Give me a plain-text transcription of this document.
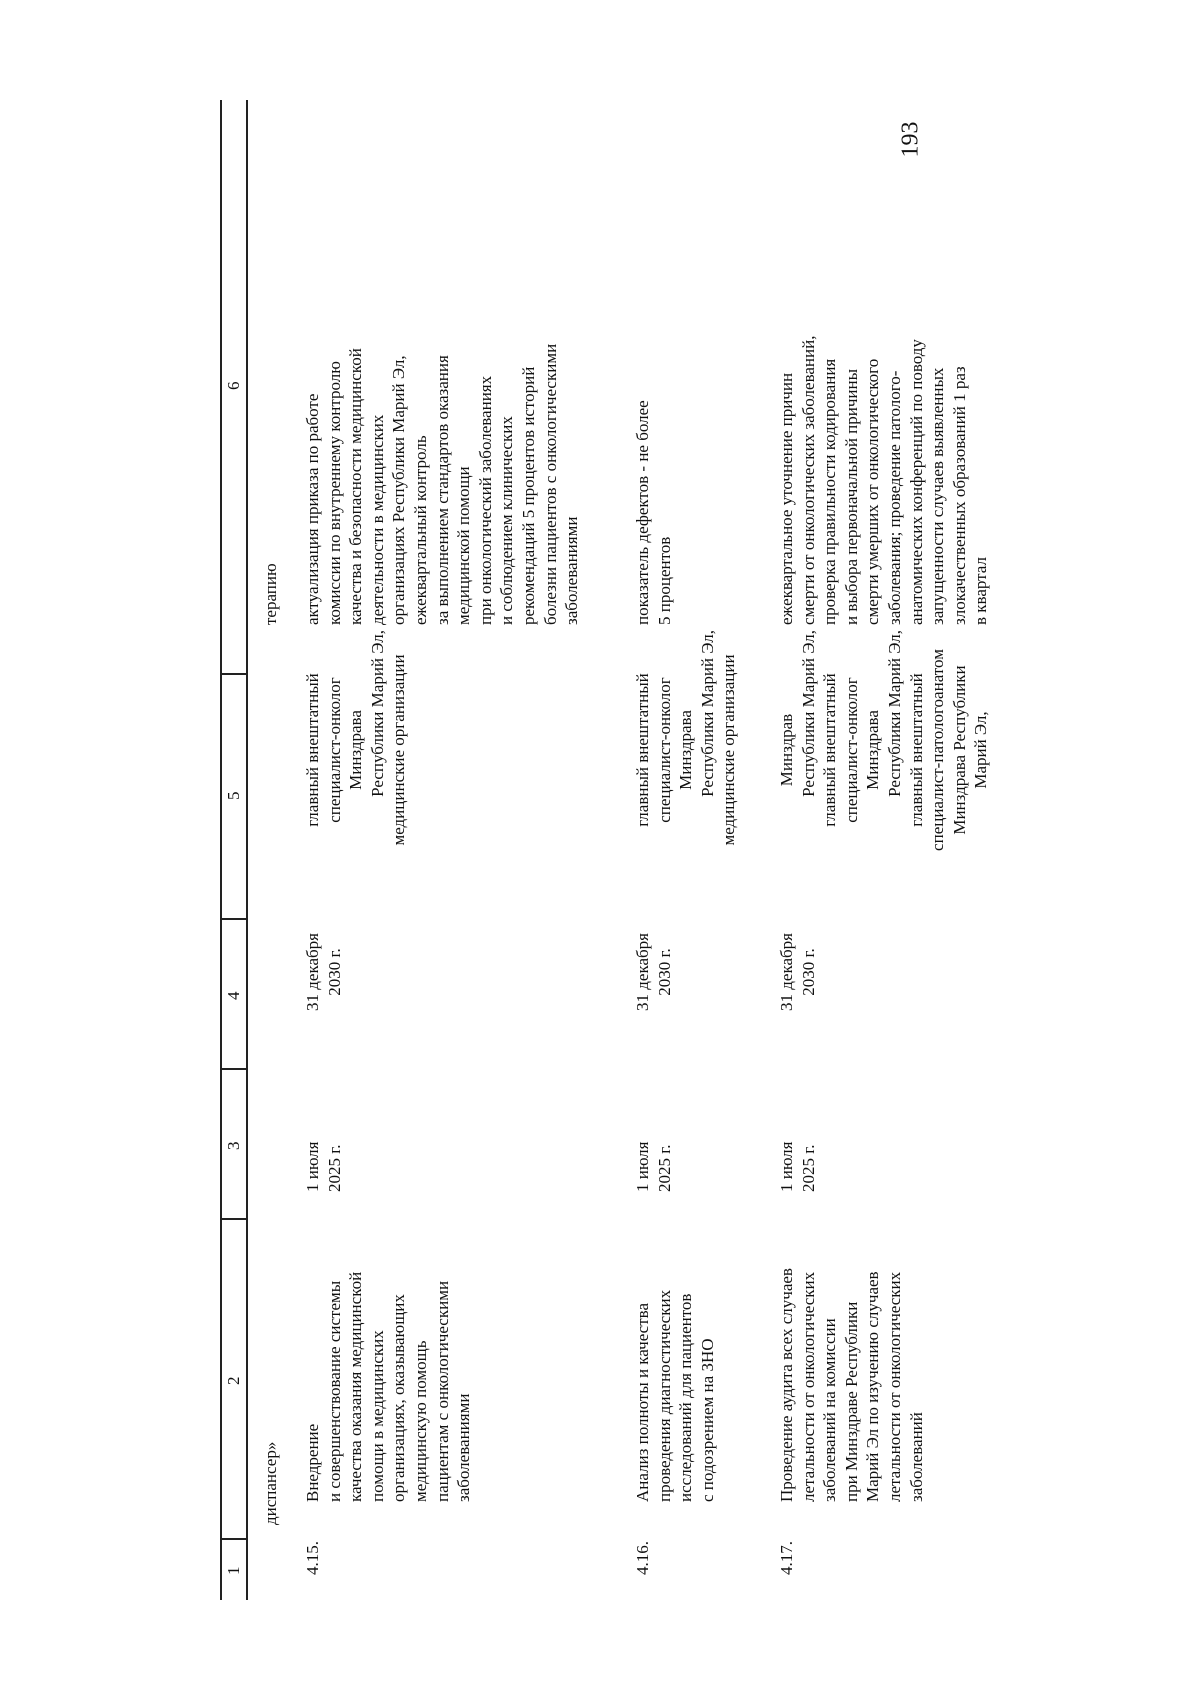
193
1
2
3
4
5
6
диспансер»
терапию
4.15.
Внедрение и совершенствование системы качества оказания медицинской помощи в медицинских организациях, оказывающих медицинскую помощь пациентам с онкологическими заболеваниями
1 июля 2025 г.
31 декабря 2030 г.
главный внештатный специалист-онколог Минздрава Республики Марий Эл, медицинские организации
актуализация приказа по работе комиссии по внутреннему контролю качества и безопасности медицинской деятельности в медицинских организациях Республики Марий Эл, ежеквартальный контроль за выполнением стандартов оказания медицинской помощи при онкологический заболеваниях и соблюдением клинических рекомендаций 5 процентов историй болезни пациентов с онкологическими заболеваниями
4.16.
Анализ полноты и качества проведения диагностических исследований для пациентов с подозрением на ЗНО
1 июля 2025 г.
31 декабря 2030 г.
главный внештатный специалист-онколог Минздрава Республики Марий Эл, медицинские организации
показатель дефектов - не более 5 процентов
4.17.
Проведение аудита всех случаев летальности от онкологических заболеваний на комиссии при Минздраве Республики Марий Эл по изучению случаев летальности от онкологических заболеваний
1 июля 2025 г.
31 декабря 2030 г.
Минздрав Республики Марий Эл, главный внештатный специалист-онколог Минздрава Республики Марий Эл, главный внештатный специалист-патологоанатом Минздрава Республики Марий Эл,
ежеквартальное уточнение причин смерти от онкологических заболеваний, проверка правильности кодирования и выбора первоначальной причины смерти умерших от онкологического заболевания; проведение патолого- анатомических конференций по поводу запущенности случаев выявленных злокачественных образований 1 раз в квартал
